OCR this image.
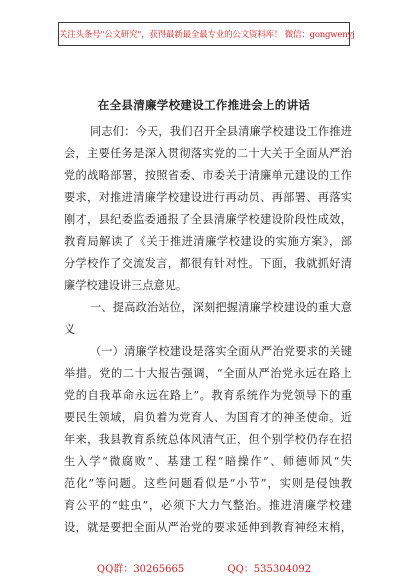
关注头条号"公文研究"，获得最新最全最专业的公文资料库！ 微信：gongwenyj
在全县清廉学校建设工作推进会上的讲话
同志们：今天，我们召开全县清廉学校建设工作推进
会，主要任务是深入贯彻落实党的二十大关于全面从严治
党的战略部署，按照省委、市委关于清廉单元建设的工作
要求，对推进清廉学校建设进行再动员、再部署、再落实
刚才，县纪委监委通报了全县清廉学校建设阶段性成效，
教育局解读了《关于推进清廉学校建设的实施方案》，部
分学校作了交流发言，都很有针对性。下面，我就抓好清
廉学校建设讲三点意见。
一、提高政治站位，深刻把握清廉学校建设的重大意
义
（一）清廉学校建设是落实全面从严治党要求的关键
举措。党的二十大报告强调，“全面从严治党永远在路上
党的自我革命永远在路上”。教育系统作为党领导下的重
要民生领域，肩负着为党育人、为国育才的神圣使命。近
年来，我县教育系统总体风清气正，但个别学校仍存在招
生入学“微腐败”、基建工程“暗操作”、师德师风“失
范化”等问题。这些问题看似是“小节”，实则是侵蚀教
育公平的“蛀虫”，必须下大力气整治。推进清廉学校建
设，就是要把全面从严治党的要求延伸到教育神经末梢，
QQ群：30265665	QQ：535304092
